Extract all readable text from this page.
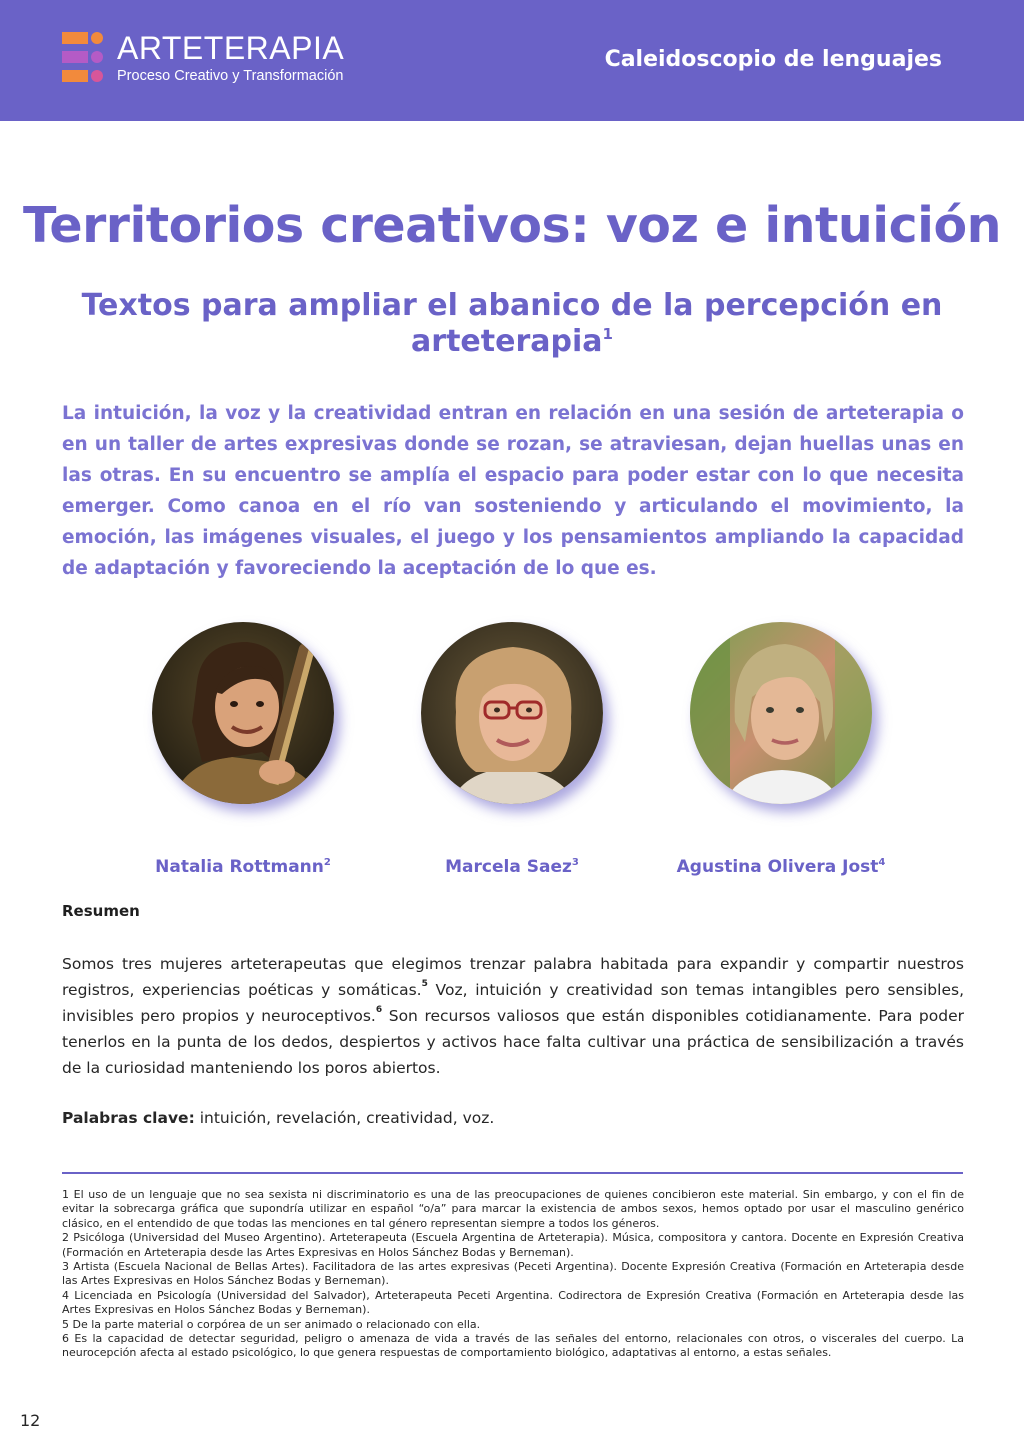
ARTETERAPIA
Proceso Creativo y Transformación
Caleidoscopio de lenguajes
Territorios creativos: voz e intuición
Textos para ampliar el abanico de la percepción en arteterapia$^1$

La intuición, la voz y la creatividad entran en relación en una sesión de arteterapia o en un taller de artes expresivas donde se rozan, se atraviesan, dejan huellas unas en las otras. En su encuentro se amplía el espacio para poder estar con lo que necesita emerger. Como canoa en el río van sosteniendo y articulando el movimiento, la emoción, las imágenes visuales, el juego y los pensamientos ampliando la capacidad de adaptación y favoreciendo la aceptación de lo que es.

Natalia Rottmann$^2$	Marcela Saez$^3$	Agustina Olivera Jost$^4$
Resumen

Somos tres mujeres arteterapeutas que elegimos trenzar palabra habitada para expandir y compartir nuestros registros, experiencias poéticas y somáticas.$^5$ Voz, intuición y creatividad son temas intangibles pero sensibles, invisibles pero propios y neuroceptivos.$^6$ Son recursos valiosos que están disponibles cotidianamente. Para poder tenerlos en la punta de los dedos, despiertos y activos hace falta cultivar una práctica de sensibilización a través de la curiosidad manteniendo los poros abiertos.

Palabras clave: intuición, revelación, creatividad, voz.

1 El uso de un lenguaje que no sea sexista ni discriminatorio es una de las preocupaciones de quienes concibieron este material. Sin embargo, y con el fin de evitar la sobrecarga gráfica que supondría utilizar en español “o/a” para marcar la existencia de ambos sexos, hemos optado por usar el masculino genérico clásico, en el entendido de que todas las menciones en tal género representan siempre a todos los géneros.

2 Psicóloga (Universidad del Museo Argentino). Arteterapeuta (Escuela Argentina de Arteterapia). Música, compositora y cantora. Docente en Expresión Creativa (Formación en Arteterapia desde las Artes Expresivas en Holos Sánchez Bodas y Berneman).

3 Artista (Escuela Nacional de Bellas Artes). Facilitadora de las artes expresivas (Peceti Argentina). Docente Expresión Creativa (Formación en Arteterapia desde las Artes Expresivas en Holos Sánchez Bodas y Berneman).

4 Licenciada en Psicología (Universidad del Salvador), Arteterapeuta Peceti Argentina. Codirectora de Expresión Creativa (Formación en Arteterapia desde las Artes Expresivas en Holos Sánchez Bodas y Berneman).

5 De la parte material o corpórea de un ser animado o relacionado con ella.

6 Es la capacidad de detectar seguridad, peligro o amenaza de vida a través de las señales del entorno, relacionales con otros, o viscerales del cuerpo. La neurocepción afecta al estado psicológico, lo que genera respuestas de comportamiento biológico, adaptativas al entorno, a estas señales.

12
